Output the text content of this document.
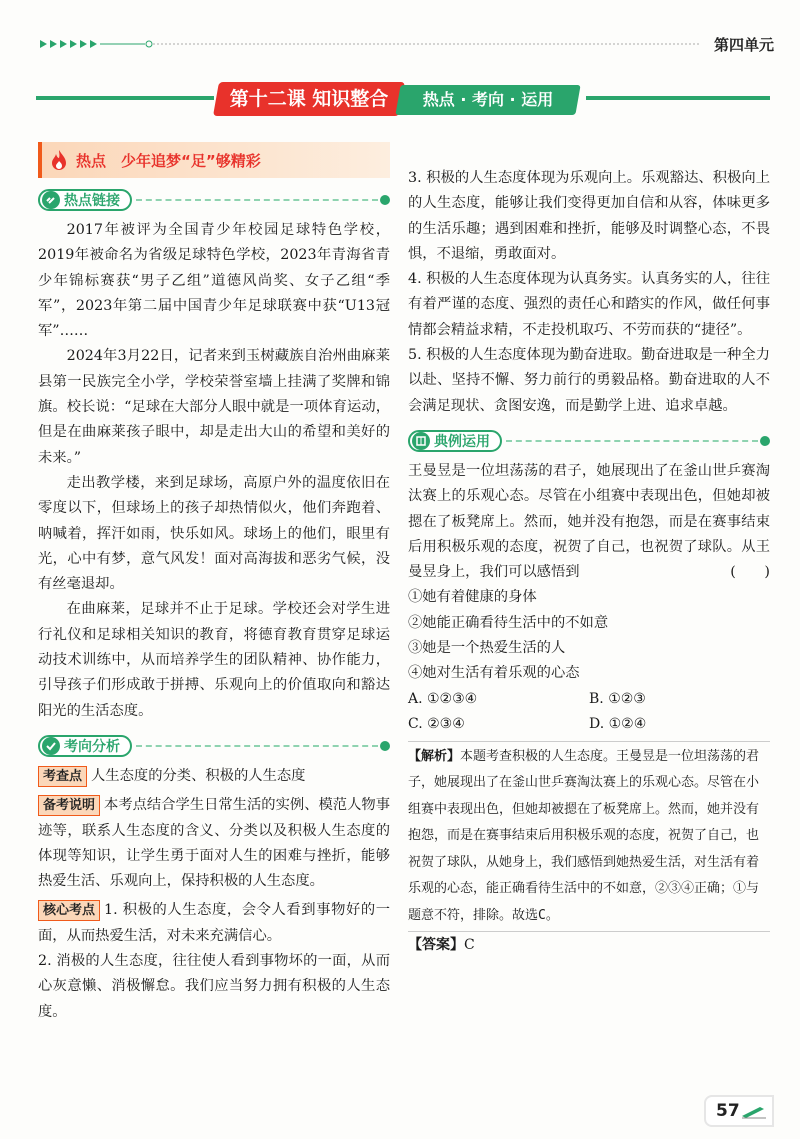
第四单元
第十二课 知识整合	热点 · 考向 · 运用
热点　少年追梦“足”够精彩
热点链接

2017年被评为全国青少年校园足球特色学校，2019年被命名为省级足球特色学校，2023年青海省青少年锦标赛获“男子乙组”道德风尚奖、女子乙组“季军”，2023年第二届中国青少年足球联赛中获“U13冠军”……

2024年3月22日，记者来到玉树藏族自治州曲麻莱县第一民族完全小学，学校荣誉室墙上挂满了奖牌和锦旗。校长说：“足球在大部分人眼中就是一项体育运动，但是在曲麻莱孩子眼中，却是走出大山的希望和美好的未来。”

走出教学楼，来到足球场，高原户外的温度依旧在零度以下，但球场上的孩子却热情似火，他们奔跑着、呐喊着，挥汗如雨，快乐如风。球场上的他们，眼里有光，心中有梦，意气风发！面对高海拔和恶劣气候，没有丝毫退却。

在曲麻莱，足球并不止于足球。学校还会对学生进行礼仪和足球相关知识的教育，将德育教育贯穿足球运动技术训练中，从而培养学生的团队精神、协作能力，引导孩子们形成敢于拼搏、乐观向上的价值取向和豁达阳光的生活态度。

考向分析

考查点 人生态度的分类、积极的人生态度

备考说明 本考点结合学生日常生活的实例、模范人物事迹等，联系人生态度的含义、分类以及积极人生态度的体现等知识，让学生勇于面对人生的困难与挫折，能够热爱生活、乐观向上，保持积极的人生态度。

核心考点 1. 积极的人生态度，会令人看到事物好的一面，从而热爱生活，对未来充满信心。

2. 消极的人生态度，往往使人看到事物坏的一面，从而心灰意懒、消极懈怠。我们应当努力拥有积极的人生态度。

3. 积极的人生态度体现为乐观向上。乐观豁达、积极向上的人生态度，能够让我们变得更加自信和从容，体味更多的生活乐趣；遇到困难和挫折，能够及时调整心态，不畏惧，不退缩，勇敢面对。

4. 积极的人生态度体现为认真务实。认真务实的人，往往有着严谨的态度、强烈的责任心和踏实的作风，做任何事情都会精益求精，不走投机取巧、不劳而获的“捷径”。

5. 积极的人生态度体现为勤奋进取。勤奋进取是一种全力以赴、坚持不懈、努力前行的勇毅品格。勤奋进取的人不会满足现状、贪图安逸，而是勤学上进、追求卓越。

典例运用

王曼昱是一位坦荡荡的君子，她展现出了在釜山世乒赛淘汰赛上的乐观心态。尽管在小组赛中表现出色，但她却被摁在了板凳席上。然而，她并没有抱怨，而是在赛事结束后用积极乐观的态度，祝贺了自己，也祝贺了球队。从王曼昱身上，我们可以感悟到	(　　)

①她有着健康的身体

②她能正确看待生活中的不如意

③她是一个热爱生活的人

④她对生活有着乐观的心态

A. ①②③④	B. ①②③
C. ②③④	D. ①②④

【解析】本题考查积极的人生态度。王曼昱是一位坦荡荡的君子，她展现出了在釜山世乒赛淘汰赛上的乐观心态。尽管在小组赛中表现出色，但她却被摁在了板凳席上。然而，她并没有抱怨，而是在赛事结束后用积极乐观的态度，祝贺了自己，也祝贺了球队，从她身上，我们感悟到她热爱生活，对生活有着乐观的心态，能正确看待生活中的不如意，②③④正确；①与题意不符，排除。故选C。

【答案】C

57
